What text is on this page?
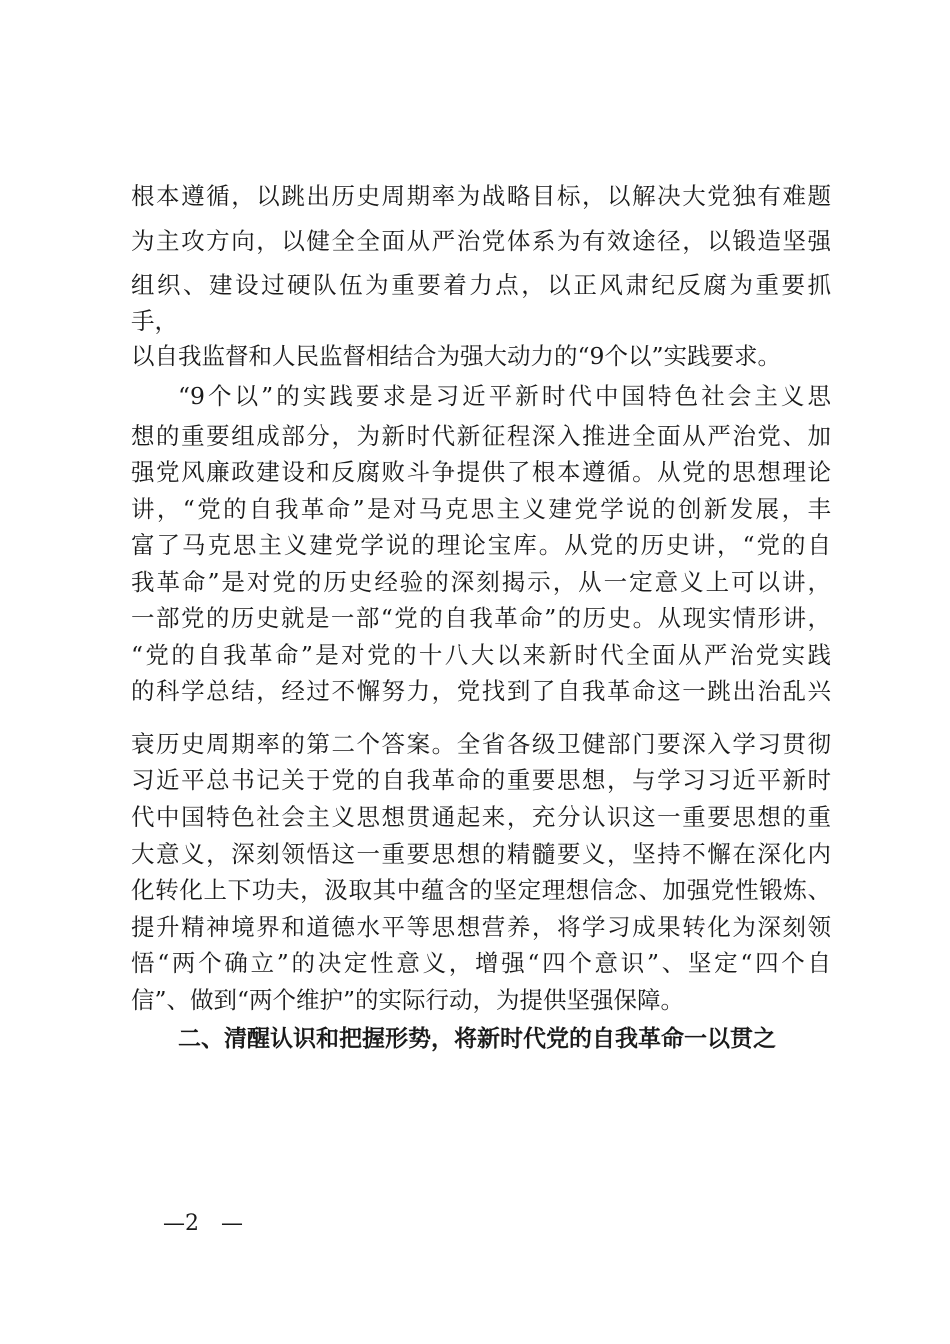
根本遵循，以跳出历史周期率为战略目标，以解决大党独有难题
为主攻方向，以健全全面从严治党体系为有效途径，以锻造坚强
组织、建设过硬队伍为重要着力点，以正风肃纪反腐为重要抓
手，
以自我监督和人民监督相结合为强大动力的“9个以”实践要求。
“9个以”的实践要求是习近平新时代中国特色社会主义思
想的重要组成部分，为新时代新征程深入推进全面从严治党、加
强党风廉政建设和反腐败斗争提供了根本遵循。从党的思想理论
讲，“党的自我革命”是对马克思主义建党学说的创新发展，丰
富了马克思主义建党学说的理论宝库。从党的历史讲，“党的自
我革命”是对党的历史经验的深刻揭示，从一定意义上可以讲，
一部党的历史就是一部“党的自我革命”的历史。从现实情形讲，
“党的自我革命”是对党的十八大以来新时代全面从严治党实践
的科学总结，经过不懈努力，党找到了自我革命这一跳出治乱兴
衰历史周期率的第二个答案。全省各级卫健部门要深入学习贯彻
习近平总书记关于党的自我革命的重要思想，与学习习近平新时
代中国特色社会主义思想贯通起来，充分认识这一重要思想的重
大意义，深刻领悟这一重要思想的精髓要义，坚持不懈在深化内
化转化上下功夫，汲取其中蕴含的坚定理想信念、加强党性锻炼、
提升精神境界和道德水平等思想营养，将学习成果转化为深刻领
悟“两个确立”的决定性意义，增强“四个意识”、坚定“四个自
信”、做到“两个维护”的实际行动，为提供坚强保障。
二、清醒认识和把握形势，将新时代党的自我革命一以贯之
—2　—
